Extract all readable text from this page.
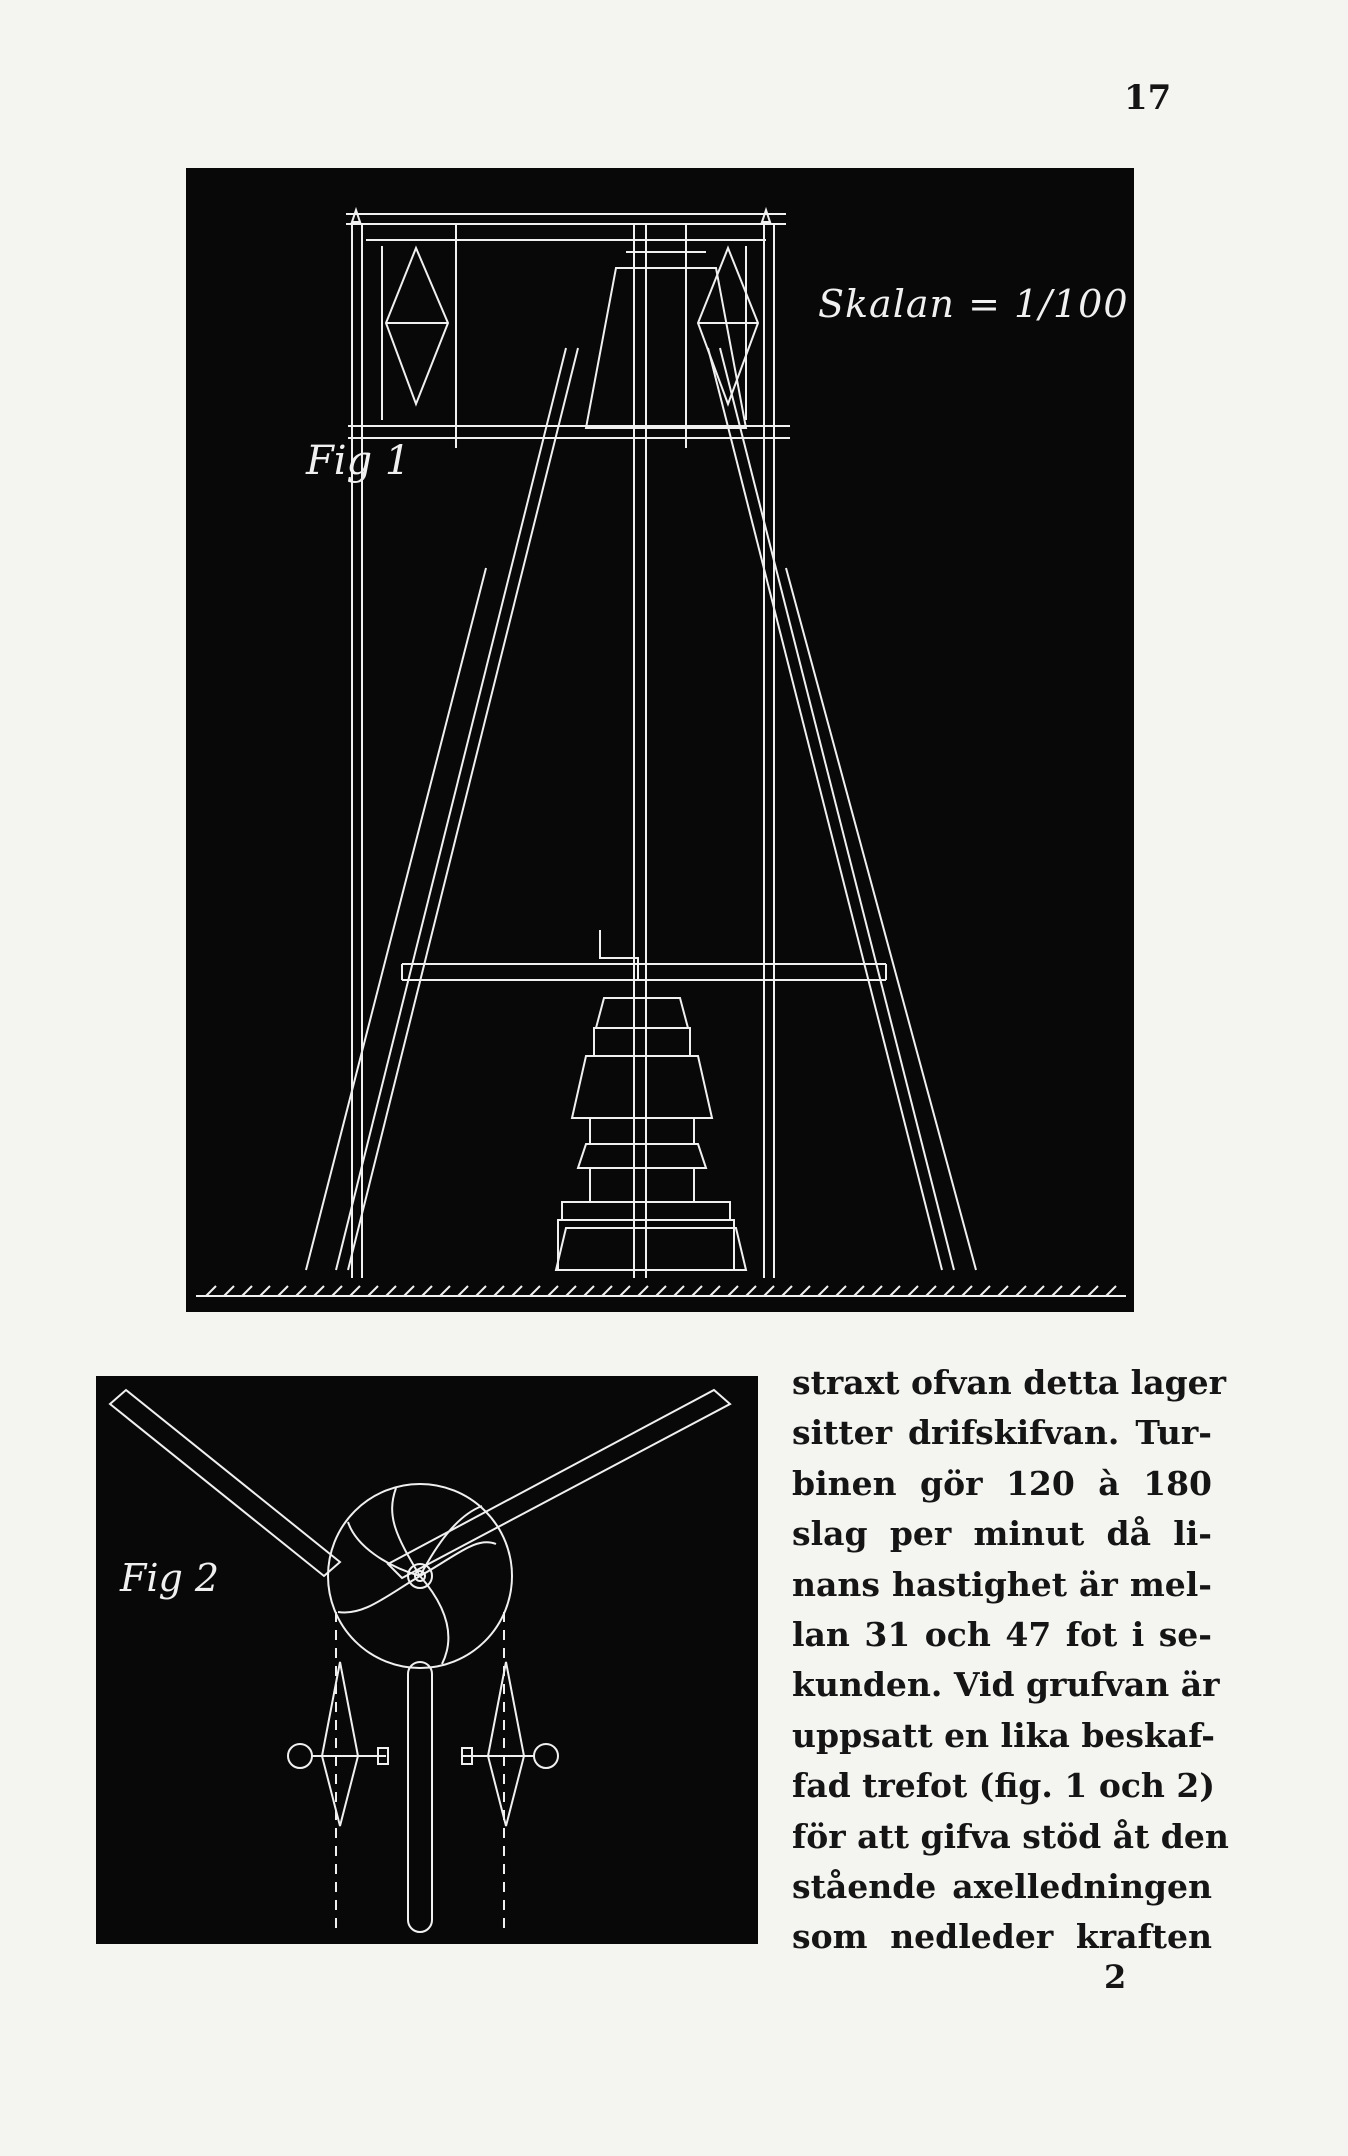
17
Fig 1
Skalan = 1/100
Fig 2
straxt ofvan detta lager
sitter drifskifvan. Tur-
binen gör 120 à 180
slag per minut då li-
nans hastighet är mel-
lan 31 och 47 fot i se-
kunden. Vid grufvan är
uppsatt en lika beskaf-
fad trefot (fig. 1 och 2)
för att gifva stöd åt den
stående axelledningen
som nedleder kraften
2
